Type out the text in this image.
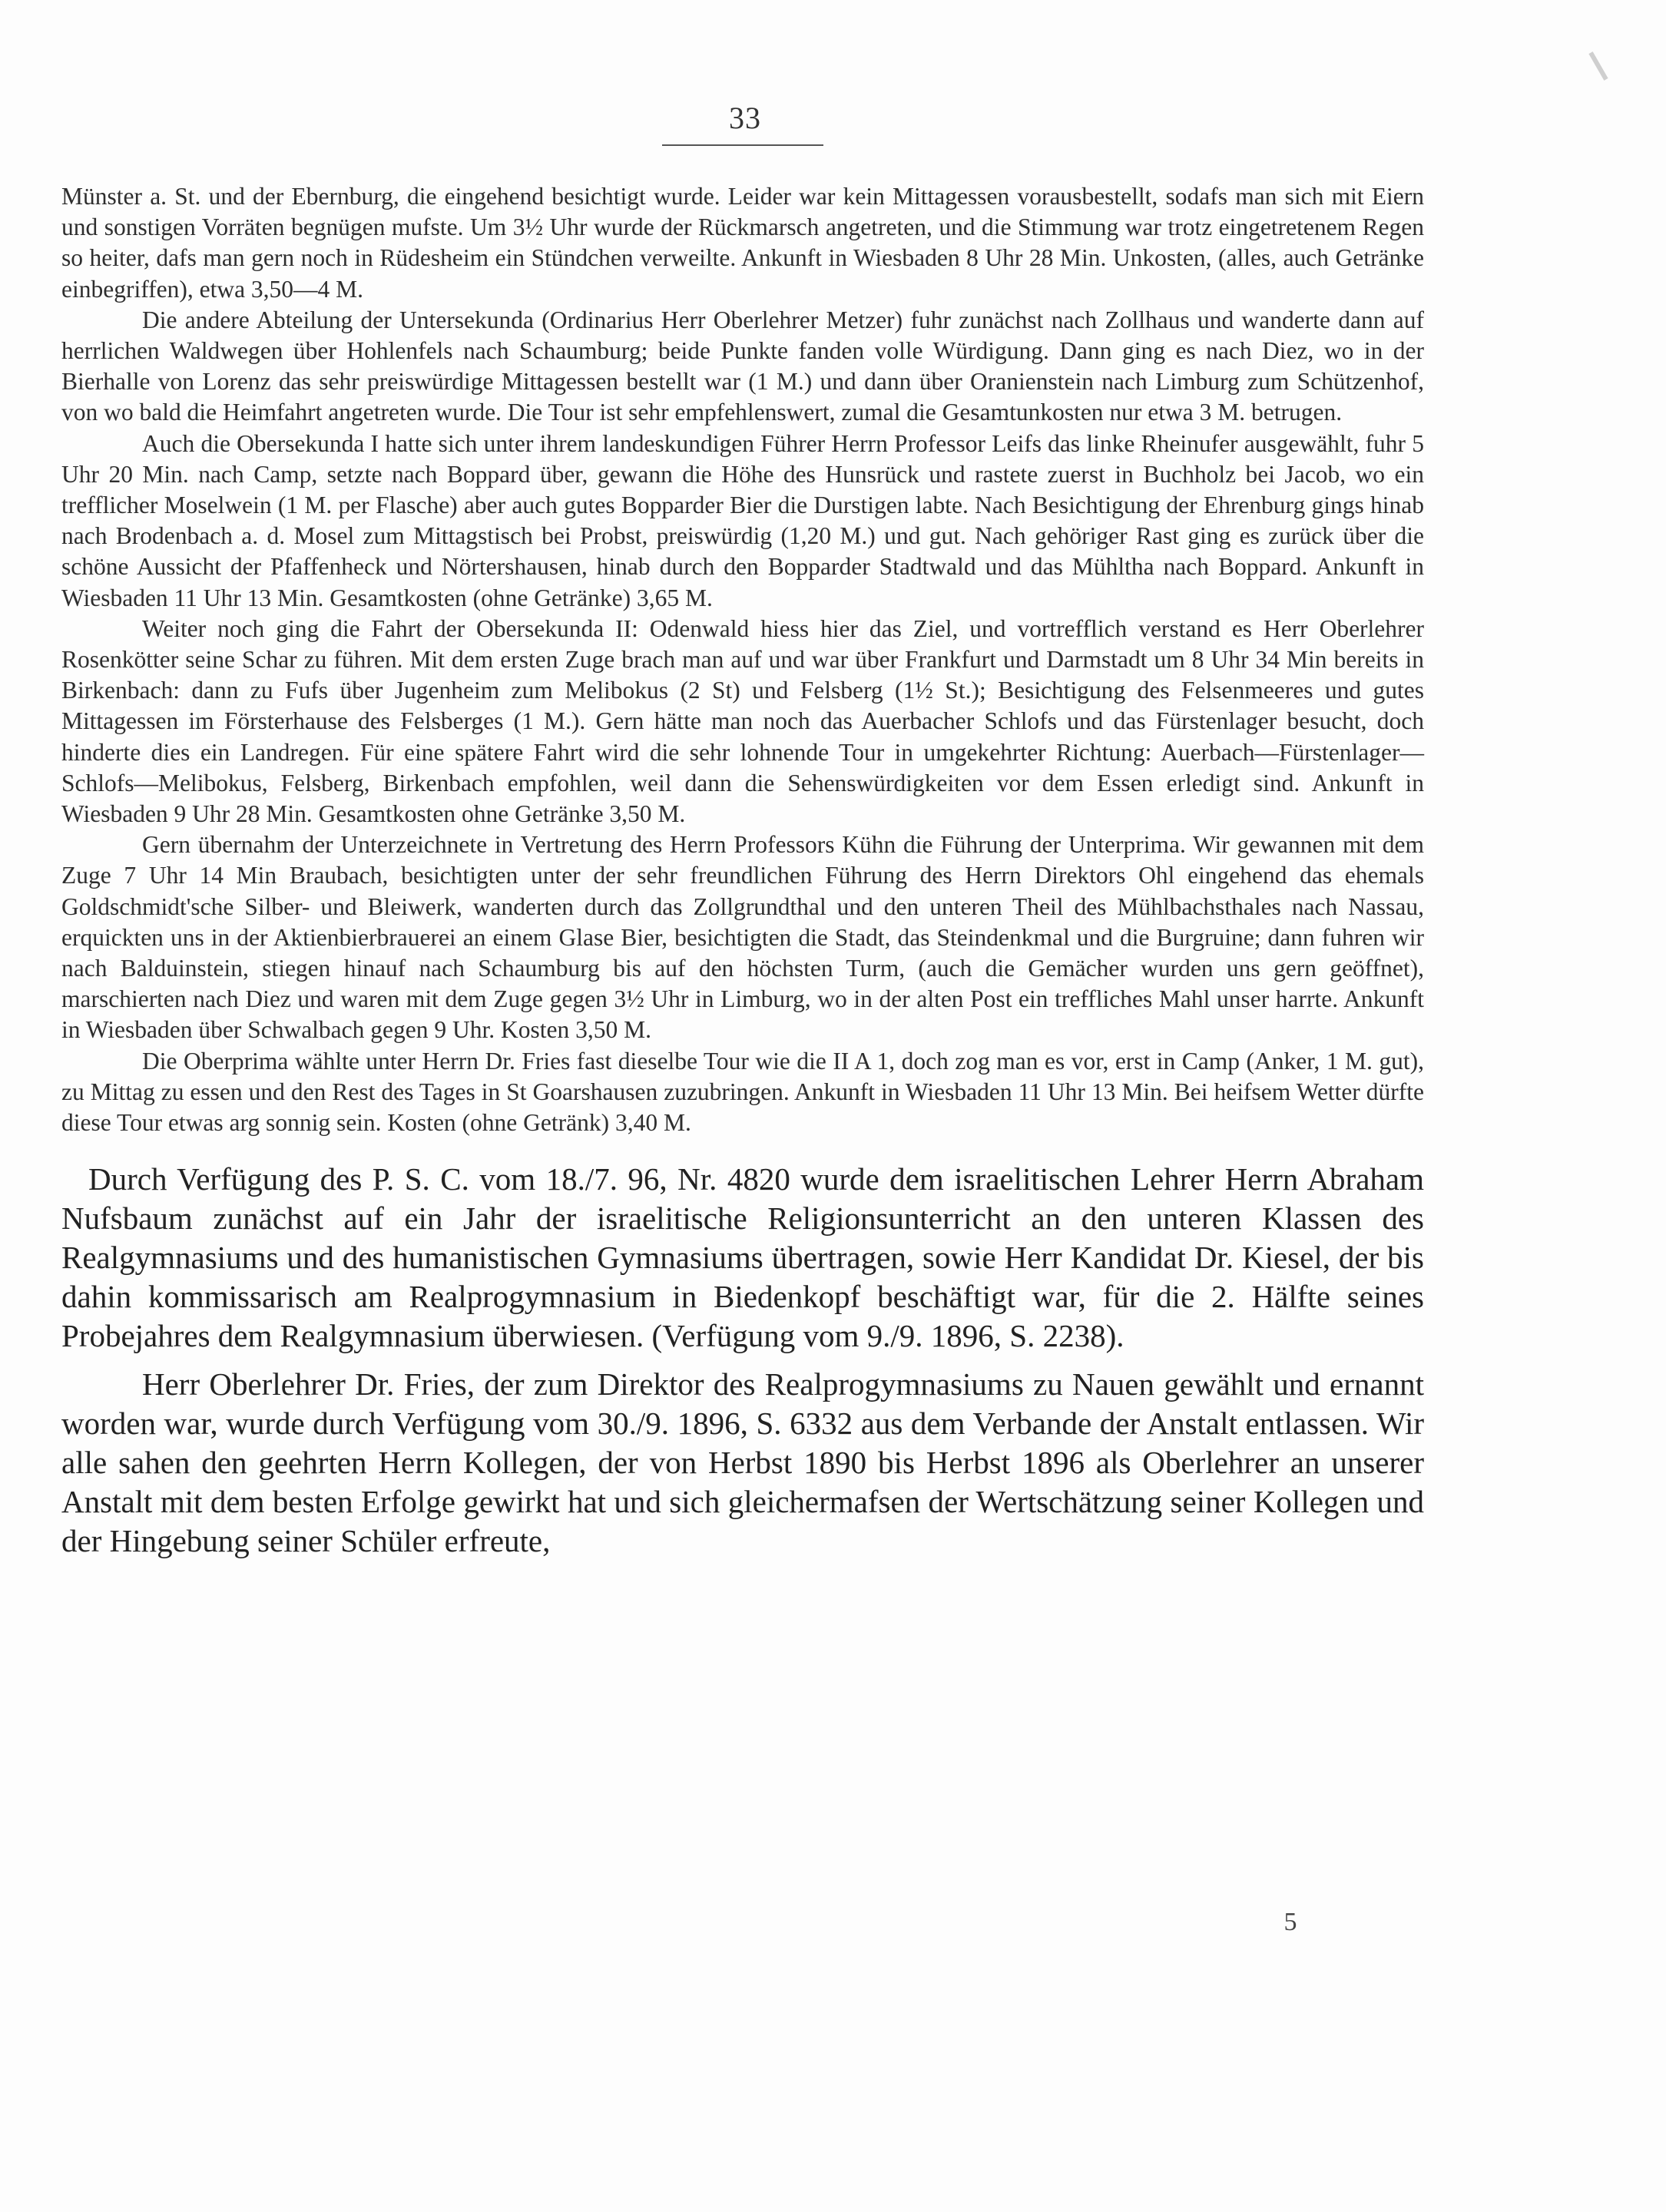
33

Münster a. St. und der Ebernburg, die eingehend besichtigt wurde. Leider war kein Mittagessen vorausbestellt, sodafs man sich mit Eiern und sonstigen Vorräten begnügen mufste. Um 3½ Uhr wurde der Rückmarsch angetreten, und die Stimmung war trotz eingetretenem Regen so heiter, dafs man gern noch in Rüdesheim ein Stündchen verweilte. Ankunft in Wiesbaden 8 Uhr 28 Min. Unkosten, (alles, auch Getränke einbegriffen), etwa 3,50—4 M.

Die andere Abteilung der Untersekunda (Ordinarius Herr Oberlehrer Metzer) fuhr zunächst nach Zollhaus und wanderte dann auf herrlichen Waldwegen über Hohlenfels nach Schaumburg; beide Punkte fanden volle Würdigung. Dann ging es nach Diez, wo in der Bierhalle von Lorenz das sehr preiswürdige Mittagessen bestellt war (1 M.) und dann über Oranienstein nach Limburg zum Schützenhof, von wo bald die Heimfahrt angetreten wurde. Die Tour ist sehr empfehlenswert, zumal die Gesamtunkosten nur etwa 3 M. betrugen.

Auch die Obersekunda I hatte sich unter ihrem landeskundigen Führer Herrn Professor Leifs das linke Rheinufer ausgewählt, fuhr 5 Uhr 20 Min. nach Camp, setzte nach Boppard über, gewann die Höhe des Hunsrück und rastete zuerst in Buchholz bei Jacob, wo ein trefflicher Moselwein (1 M. per Flasche) aber auch gutes Bopparder Bier die Durstigen labte. Nach Besichtigung der Ehrenburg gings hinab nach Brodenbach a. d. Mosel zum Mittagstisch bei Probst, preiswürdig (1,20 M.) und gut. Nach gehöriger Rast ging es zurück über die schöne Aussicht der Pfaffenheck und Nörtershausen, hinab durch den Bopparder Stadtwald und das Mühltha nach Boppard. Ankunft in Wiesbaden 11 Uhr 13 Min. Gesamtkosten (ohne Getränke) 3,65 M.

Weiter noch ging die Fahrt der Obersekunda II: Odenwald hiess hier das Ziel, und vortrefflich verstand es Herr Oberlehrer Rosenkötter seine Schar zu führen. Mit dem ersten Zuge brach man auf und war über Frankfurt und Darmstadt um 8 Uhr 34 Min bereits in Birkenbach: dann zu Fufs über Jugenheim zum Melibokus (2 St) und Felsberg (1½ St.); Besichtigung des Felsenmeeres und gutes Mittagessen im Försterhause des Felsberges (1 M.). Gern hätte man noch das Auerbacher Schlofs und das Fürstenlager besucht, doch hinderte dies ein Landregen. Für eine spätere Fahrt wird die sehr lohnende Tour in umgekehrter Richtung: Auerbach—Fürstenlager—Schlofs—Melibokus, Felsberg, Birkenbach empfohlen, weil dann die Sehenswürdigkeiten vor dem Essen erledigt sind. Ankunft in Wiesbaden 9 Uhr 28 Min. Gesamtkosten ohne Getränke 3,50 M.

Gern übernahm der Unterzeichnete in Vertretung des Herrn Professors Kühn die Führung der Unterprima. Wir gewannen mit dem Zuge 7 Uhr 14 Min Braubach, besichtigten unter der sehr freundlichen Führung des Herrn Direktors Ohl eingehend das ehemals Goldschmidt'sche Silber- und Bleiwerk, wanderten durch das Zollgrundthal und den unteren Theil des Mühlbachsthales nach Nassau, erquickten uns in der Aktienbierbrauerei an einem Glase Bier, besichtigten die Stadt, das Steindenkmal und die Burgruine; dann fuhren wir nach Balduinstein, stiegen hinauf nach Schaumburg bis auf den höchsten Turm, (auch die Gemächer wurden uns gern geöffnet), marschierten nach Diez und waren mit dem Zuge gegen 3½ Uhr in Limburg, wo in der alten Post ein treffliches Mahl unser harrte. Ankunft in Wiesbaden über Schwalbach gegen 9 Uhr. Kosten 3,50 M.

Die Oberprima wählte unter Herrn Dr. Fries fast dieselbe Tour wie die II A 1, doch zog man es vor, erst in Camp (Anker, 1 M. gut), zu Mittag zu essen und den Rest des Tages in St Goarshausen zuzubringen. Ankunft in Wiesbaden 11 Uhr 13 Min. Bei heifsem Wetter dürfte diese Tour etwas arg sonnig sein. Kosten (ohne Getränk) 3,40 M.

Durch Verfügung des P. S. C. vom 18./7. 96, Nr. 4820 wurde dem israelitischen Lehrer Herrn Abraham Nufsbaum zunächst auf ein Jahr der israelitische Religionsunterricht an den unteren Klassen des Realgymnasiums und des humanistischen Gymnasiums übertragen, sowie Herr Kandidat Dr. Kiesel, der bis dahin kommissarisch am Realprogymnasium in Biedenkopf beschäftigt war, für die 2. Hälfte seines Probejahres dem Realgymnasium überwiesen. (Verfügung vom 9./9. 1896, S. 2238).

Herr Oberlehrer Dr. Fries, der zum Direktor des Realprogymnasiums zu Nauen gewählt und ernannt worden war, wurde durch Verfügung vom 30./9. 1896, S. 6332 aus dem Verbande der Anstalt entlassen. Wir alle sahen den geehrten Herrn Kollegen, der von Herbst 1890 bis Herbst 1896 als Oberlehrer an unserer Anstalt mit dem besten Erfolge gewirkt hat und sich gleichermafsen der Wertschätzung seiner Kollegen und der Hingebung seiner Schüler erfreute,

5
